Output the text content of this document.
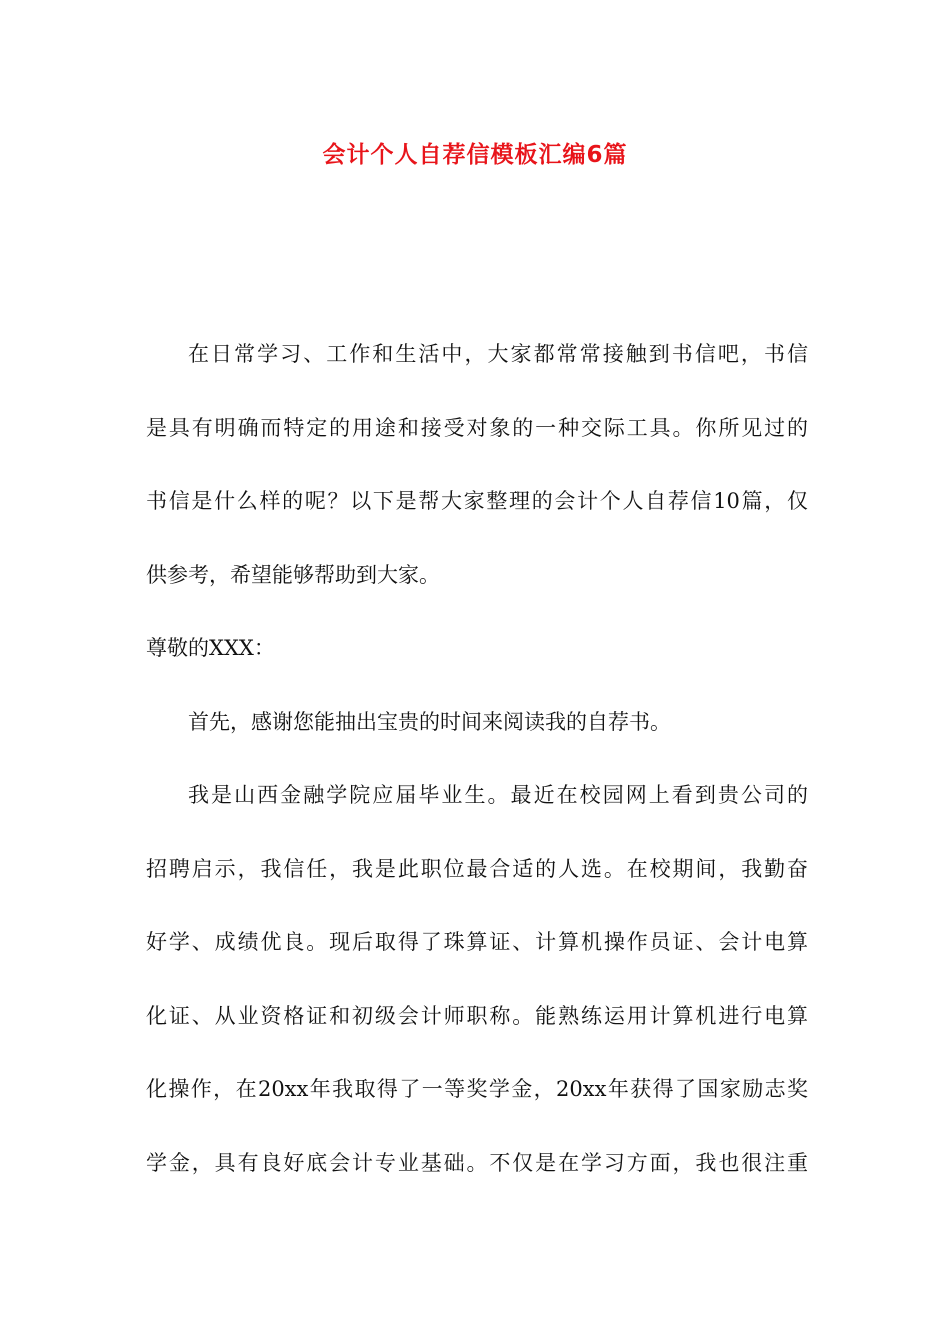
会计个人自荐信模板汇编6篇

在日常学习、工作和生活中，大家都常常接触到书信吧，书信
是具有明确而特定的用途和接受对象的一种交际工具。你所见过的
书信是什么样的呢？以下是帮大家整理的会计个人自荐信10篇，仅
供参考，希望能够帮助到大家。

尊敬的XXX：

首先，感谢您能抽出宝贵的时间来阅读我的自荐书。

我是山西金融学院应届毕业生。最近在校园网上看到贵公司的
招聘启示，我信任，我是此职位最合适的人选。在校期间，我勤奋
好学、成绩优良。现后取得了珠算证、计算机操作员证、会计电算
化证、从业资格证和初级会计师职称。能熟练运用计算机进行电算
化操作，在20xx年我取得了一等奖学金，20xx年获得了国家励志奖
学金，具有良好底会计专业基础。不仅是在学习方面，我也很注重
